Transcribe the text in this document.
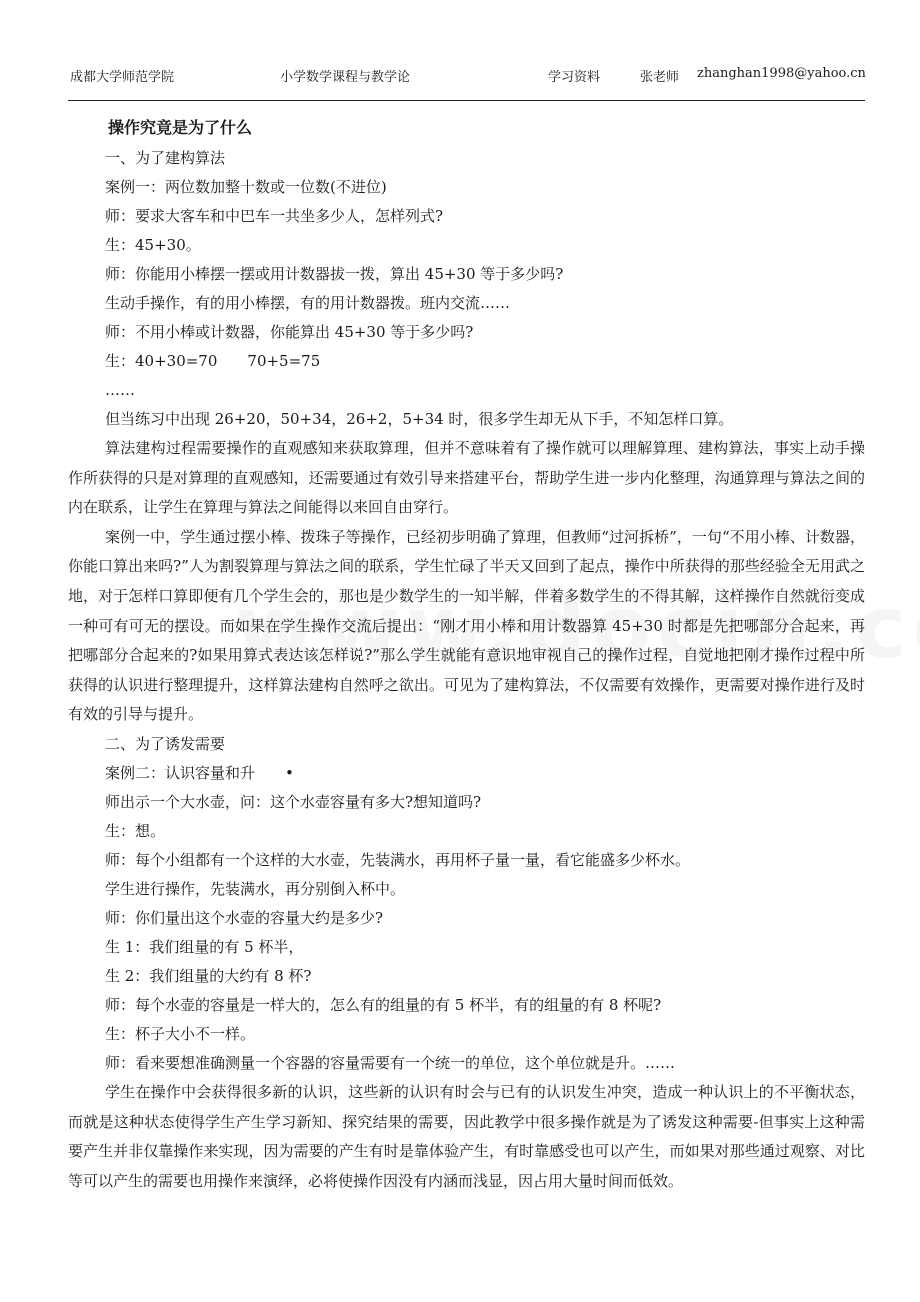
成都大学师范学院	小学数学课程与教学论	学习资料	张老师 zhanghan1998@yahoo.cn
操作究竟是为了什么
一、为了建构算法
案例一：两位数加整十数或一位数(不进位)
师：要求大客车和中巴车一共坐多少人，怎样列式?
生：45+30。
师：你能用小棒摆一摆或用计数器拔一拨，算出 45+30 等于多少吗?
生动手操作，有的用小棒摆，有的用计数器拨。班内交流……
师：不用小棒或计数器，你能算出 45+30 等于多少吗?
生：40+30=70　　70+5=75
……
但当练习中出现 26+20，50+34，26+2，5+34 时，很多学生却无从下手，不知怎样口算。

算法建构过程需要操作的直观感知来获取算理，但并不意味着有了操作就可以理解算理、建构算法，事实上动手操作所获得的只是对算理的直观感知，还需要通过有效引导来搭建平台，帮助学生进一步内化整理，沟通算理与算法之间的内在联系，让学生在算理与算法之间能得以来回自由穿行。

案例一中，学生通过摆小棒、拨珠子等操作，已经初步明确了算理，但教师“过河拆桥”，一句“不用小棒、计数器，你能口算出来吗?”人为割裂算理与算法之间的联系，学生忙碌了半天又回到了起点，操作中所获得的那些经验全无用武之地，对于怎样口算即便有几个学生会的，那也是少数学生的一知半解，伴着多数学生的不得其解，这样操作自然就衍变成一种可有可无的摆设。而如果在学生操作交流后提出：“刚才用小棒和用计数器算 45+30 时都是先把哪部分合起来，再把哪部分合起来的?如果用算式表达该怎样说?”那么学生就能有意识地审视自己的操作过程，自觉地把刚才操作过程中所获得的认识进行整理提升，这样算法建构自然呼之欲出。可见为了建构算法，不仅需要有效操作，更需要对操作进行及时有效的引导与提升。

二、为了诱发需要
案例二：认识容量和升　　•
师出示一个大水壶，问：这个水壶容量有多大?想知道吗?
生：想。
师：每个小组都有一个这样的大水壶，先装满水，再用杯子量一量，看它能盛多少杯水。
学生进行操作，先装满水，再分别倒入杯中。
师：你们量出这个水壶的容量大约是多少?
生 1：我们组量的有 5 杯半，
生 2：我们组量的大约有 8 杯?
师：每个水壶的容量是一样大的，怎么有的组量的有 5 杯半，有的组量的有 8 杯呢?
生：杯子大小不一样。
师：看来要想准确测量一个容器的容量需要有一个统一的单位，这个单位就是升。……

学生在操作中会获得很多新的认识，这些新的认识有时会与已有的认识发生冲突，造成一种认识上的不平衡状态，而就是这种状态使得学生产生学习新知、探究结果的需要，因此教学中很多操作就是为了诱发这种需要-但事实上这种需要产生并非仅靠操作来实现，因为需要的产生有时是靠体验产生，有时靠感受也可以产生，而如果对那些通过观察、对比等可以产生的需要也用操作来演绎，必将使操作因没有内涵而浅显，因占用大量时间而低效。
